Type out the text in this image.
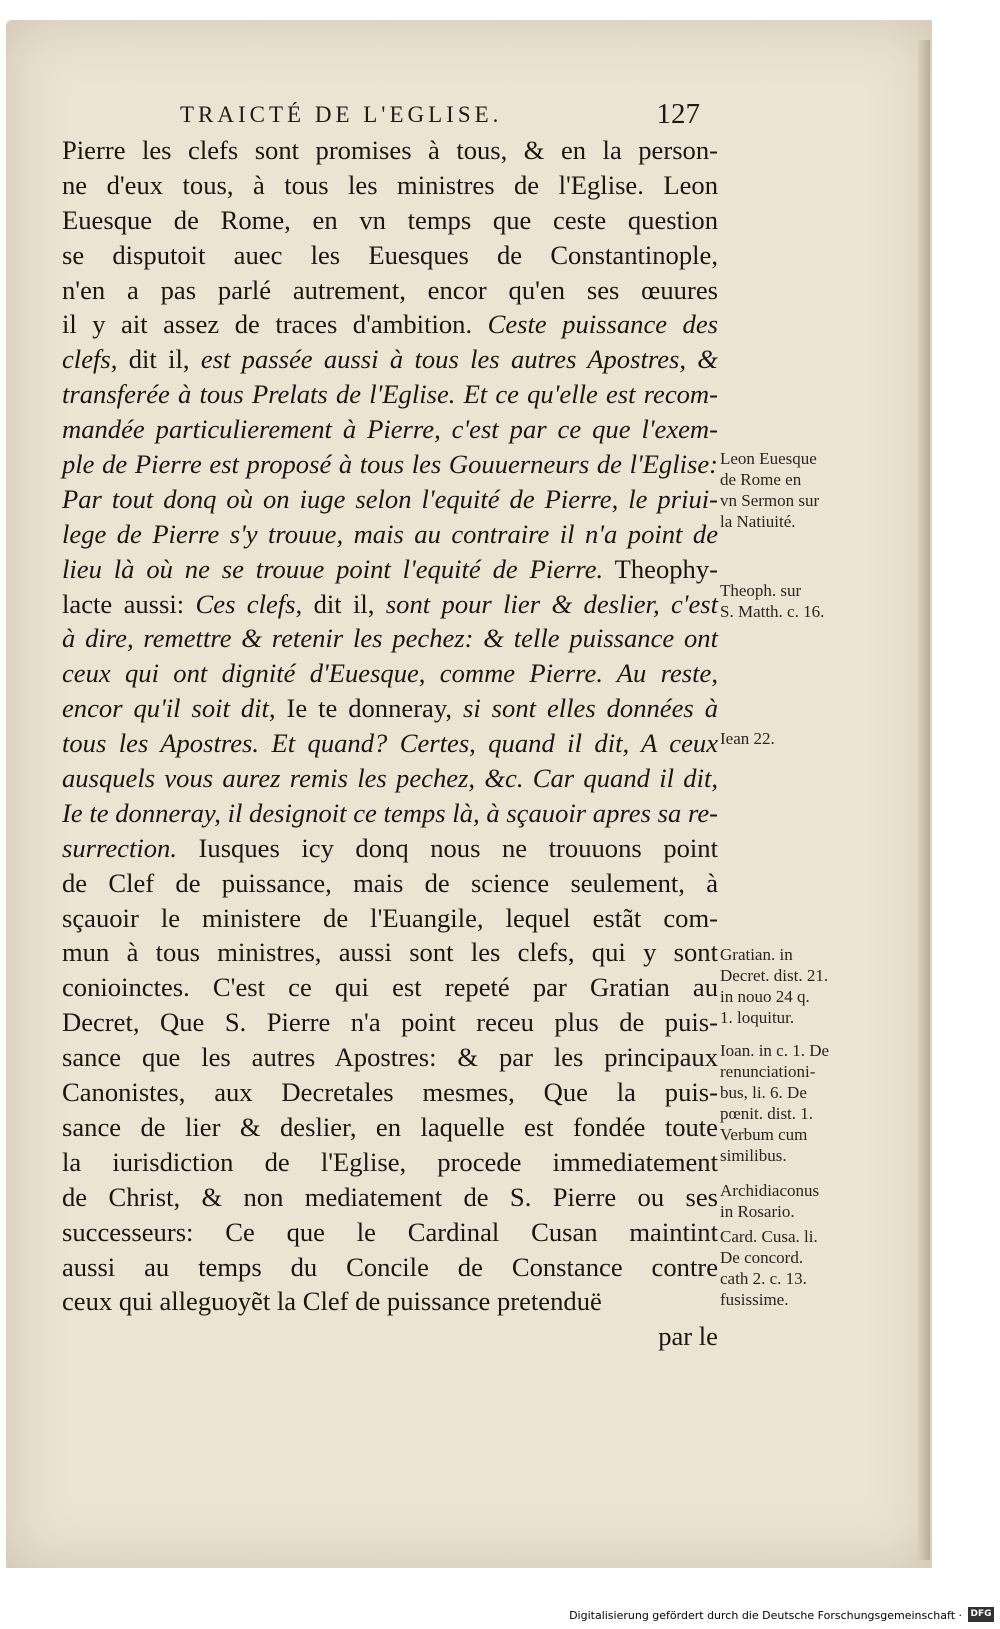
TRAICTÉ DE L'EGLISE.	127
Pierre les clefs sont promises à tous, & en la person-
ne d'eux tous, à tous les ministres de l'Eglise. Leon
Euesque de Rome, en vn temps que ceste question
se disputoit auec les Euesques de Constantinople,
n'en a pas parlé autrement, encor qu'en ses œuures
il y ait assez de traces d'ambition. Ceste puissance des
clefs, dit il, est passée aussi à tous les autres Apostres, &
transferée à tous Prelats de l'Eglise. Et ce qu'elle est recom-
mandée particulierement à Pierre, c'est par ce que l'exem-
ple de Pierre est proposé à tous les Gouuerneurs de l'Eglise:
Par tout donq où on iuge selon l'equité de Pierre, le priui-
lege de Pierre s'y trouue, mais au contraire il n'a point de
lieu là où ne se trouue point l'equité de Pierre. Theophy-
lacte aussi: Ces clefs, dit il, sont pour lier & deslier, c'est
à dire, remettre & retenir les pechez: & telle puissance ont
ceux qui ont dignité d'Euesque, comme Pierre. Au reste,
encor qu'il soit dit, Ie te donneray, si sont elles données à
tous les Apostres. Et quand? Certes, quand il dit, A ceux
ausquels vous aurez remis les pechez, &c. Car quand il dit,
Ie te donneray, il designoit ce temps là, à sçauoir apres sa re-
surrection. Iusques icy donq nous ne trouuons point
de Clef de puissance, mais de science seulement, à
sçauoir le ministere de l'Euangile, lequel estãt com-
mun à tous ministres, aussi sont les clefs, qui y sont
conioinctes. C'est ce qui est repeté par Gratian au
Decret, Que S. Pierre n'a point receu plus de puis-
sance que les autres Apostres: & par les principaux
Canonistes, aux Decretales mesmes, Que la puis-
sance de lier & deslier, en laquelle est fondée toute
la iurisdiction de l'Eglise, procede immediatement
de Christ, & non mediatement de S. Pierre ou ses
successeurs: Ce que le Cardinal Cusan maintint
aussi au temps du Concile de Constance contre
ceux qui alleguoyẽt la Clef de puissance pretenduë
par le
Leon Euesque
de Rome en
vn Sermon sur
la Natiuité.
Theoph. sur
S. Matth. c. 16.
Iean 22.
Gratian. in
Decret. dist. 21.
in nouo 24 q.
1. loquitur.
Ioan. in c. 1. De
renunciationi-
bus, li. 6. De
pœnit. dist. 1.
Verbum cum
similibus.
Archidiaconus
in Rosario.
Card. Cusa. li.
De concord.
cath 2. c. 13.
fusissime.
Digitalisierung gefördert durch die Deutsche Forschungsgemeinschaft · DFG
